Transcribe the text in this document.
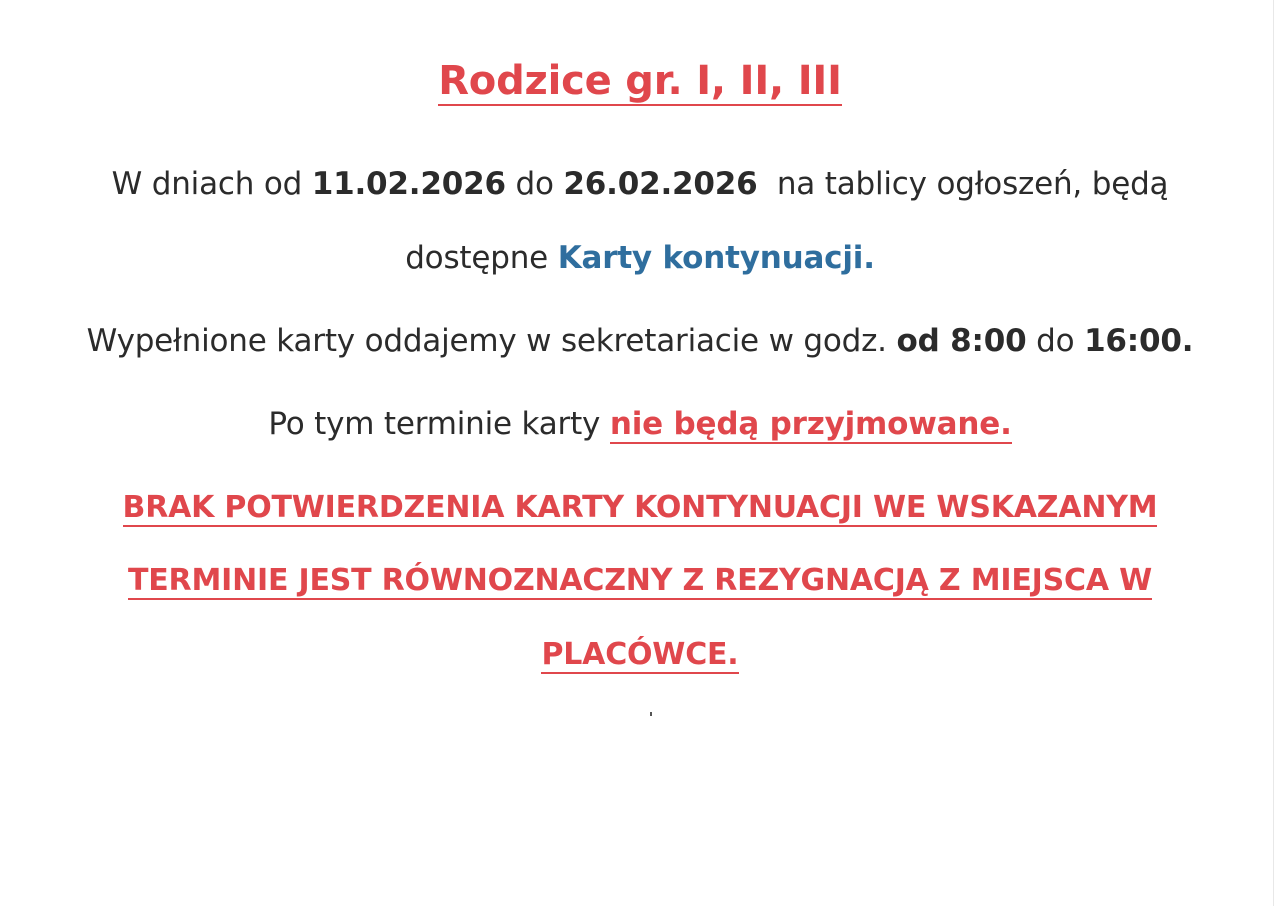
Rodzice gr. I, II, III
W dniach od 11.02.2026 do 26.02.2026  na tablicy ogłoszeń, będą
dostępne Karty kontynuacji.
Wypełnione karty oddajemy w sekretariacie w godz. od 8:00 do 16:00.
Po tym terminie karty nie będą przyjmowane.
BRAK POTWIERDZENIA KARTY KONTYNUACJI WE WSKAZANYM
TERMINIE JEST RÓWNOZNACZNY Z REZYGNACJĄ Z MIEJSCA W
PLACÓWCE.
